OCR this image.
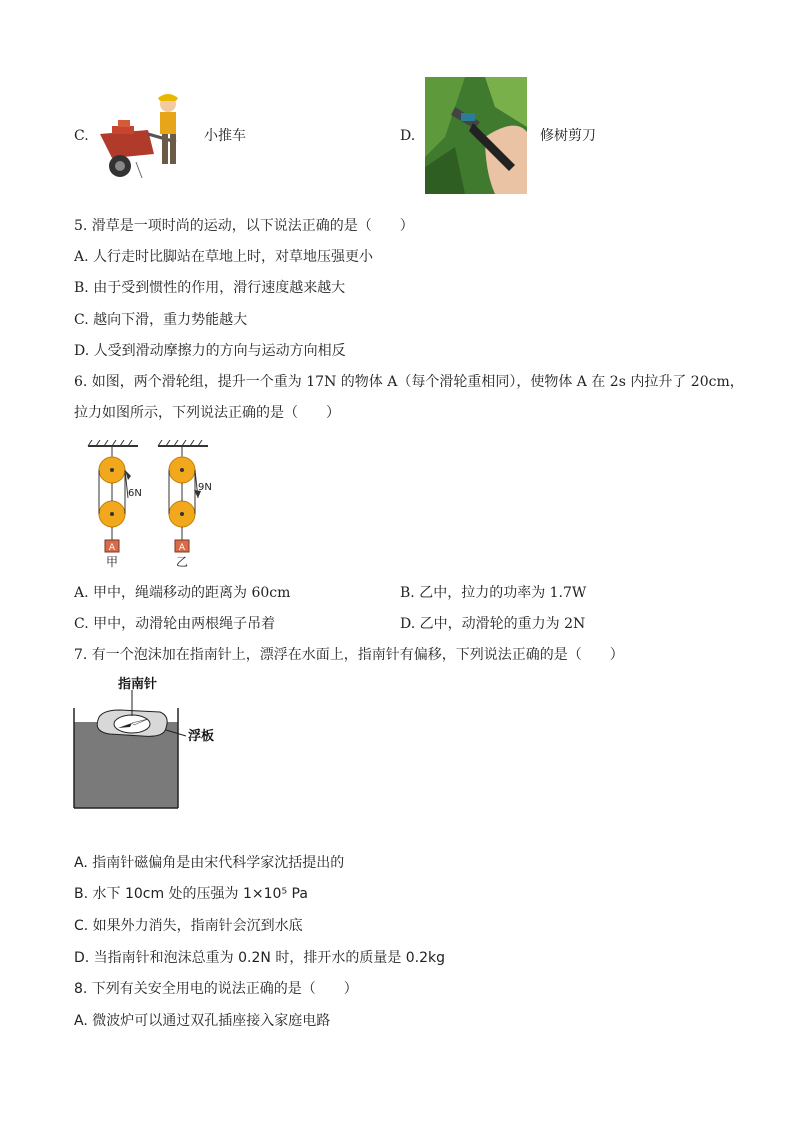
C.	小推车	D.	修树剪刀
5. 滑草是一项时尚的运动，以下说法正确的是（　　）
A. 人行走时比脚站在草地上时，对草地压强更小
B. 由于受到惯性的作用，滑行速度越来越大
C. 越向下滑，重力势能越大
D. 人受到滑动摩擦力的方向与运动方向相反
6. 如图，两个滑轮组，提升一个重为 17N 的物体 A（每个滑轮重相同），使物体 A 在 2s 内拉升了 20cm，
拉力如图所示，下列说法正确的是（　　）
A
6N
甲
A
9N
乙
A. 甲中，绳端移动的距离为 60cm	B. 乙中，拉力的功率为 1.7W
C. 甲中，动滑轮由两根绳子吊着	D. 乙中，动滑轮的重力为 2N
7. 有一个泡沫加在指南针上，漂浮在水面上，指南针有偏移，下列说法正确的是（　　）
指南针
浮板
A. 指南针磁偏角是由宋代科学家沈括提出的
B. 水下 10cm 处的压强为 1×10⁵ Pa
C. 如果外力消失，指南针会沉到水底
D. 当指南针和泡沫总重为 0.2N 时，排开水的质量是 0.2kg
8. 下列有关安全用电的说法正确的是（　　）
A. 微波炉可以通过双孔插座接入家庭电路
